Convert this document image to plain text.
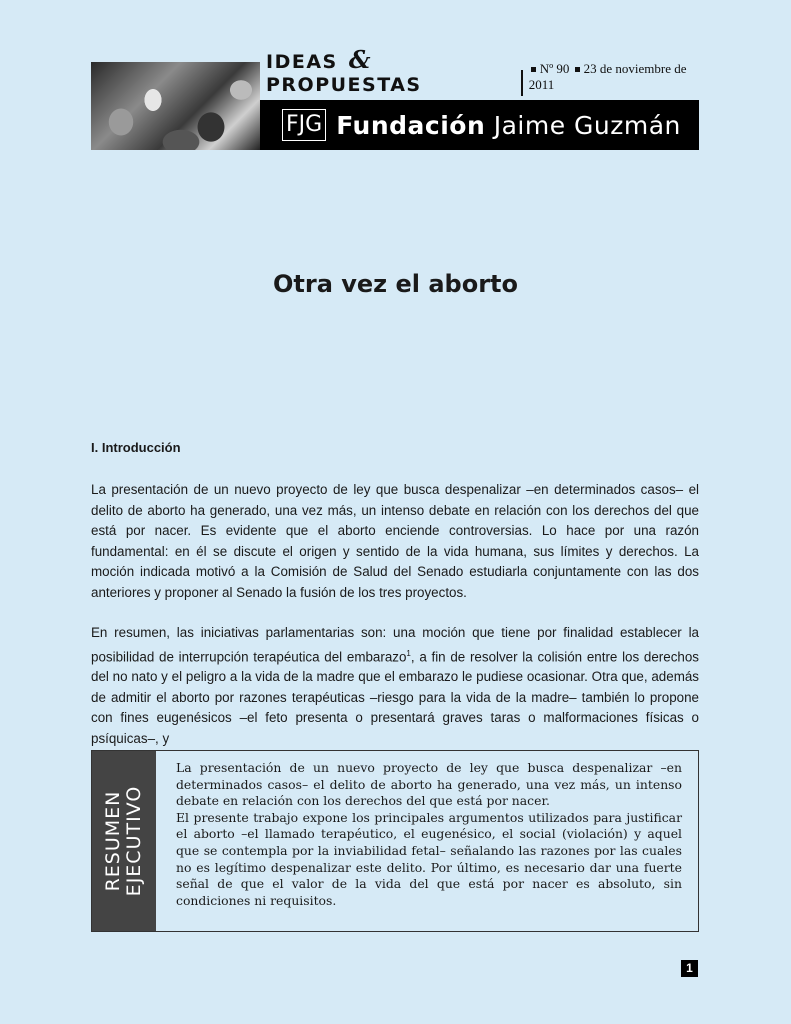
IDEAS & PROPUESTAS
Nº 90 23 de noviembre de 2011
FJG Fundación Jaime Guzmán
Otra vez el aborto
I. Introducción

La presentación de un nuevo proyecto de ley que busca despenalizar –en determinados casos– el delito de aborto ha generado, una vez más, un intenso debate en relación con los derechos del que está por nacer. Es evidente que el aborto enciende controversias. Lo hace por una razón fundamental: en él se discute el origen y sentido de la vida humana, sus límites y derechos. La moción indicada motivó a la Comisión de Salud del Senado estudiarla conjuntamente con las dos anteriores y proponer al Senado la fusión de los tres proyectos.

En resumen, las iniciativas parlamentarias son: una moción que tiene por finalidad establecer la posibilidad de interrupción terapéutica del embarazo$^1$, a fin de resolver la colisión entre los derechos del no nato y el peligro a la vida de la madre que el embarazo le pudiese ocasionar. Otra que, además de admitir el aborto por razones terapéuticas –riesgo para la vida de la madre– también lo propone con fines eugenésicos –el feto presenta o presentará graves taras o malformaciones físicas o psíquicas–, y

RESUMEN EJECUTIVO

La presentación de un nuevo proyecto de ley que busca despenalizar –en determinados casos– el delito de aborto ha generado, una vez más, un intenso debate en relación con los derechos del que está por nacer.

El presente trabajo expone los principales argumentos utilizados para justificar el aborto –el llamado terapéutico, el eugenésico, el social (violación) y aquel que se contempla por la inviabilidad fetal– señalando las razones por las cuales no es legítimo despenalizar este delito. Por último, es necesario dar una fuerte señal de que el valor de la vida del que está por nacer es absoluto, sin condiciones ni requisitos.

1
